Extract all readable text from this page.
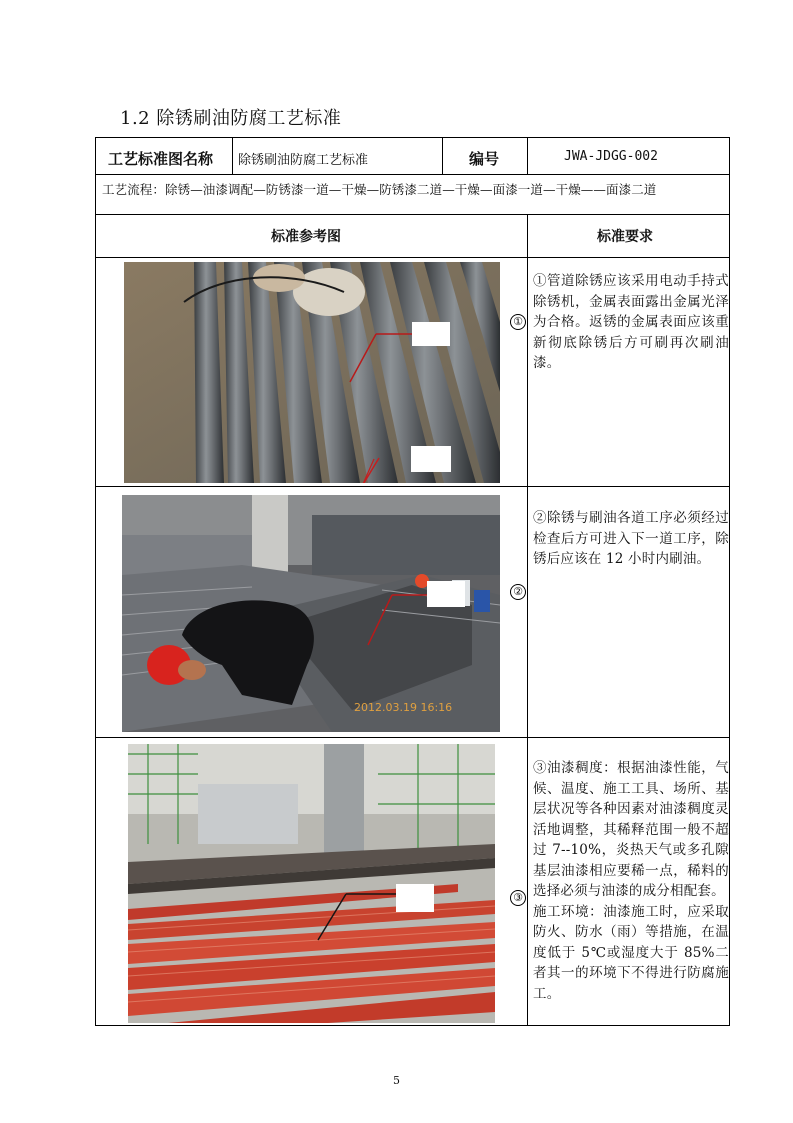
1.2 除锈刷油防腐工艺标准
工艺标准图名称 除锈刷油防腐工艺标准	编号	JWA-JDGG-002
工艺流程：除锈—油漆调配—防锈漆一道—干燥—防锈漆二道—干燥—面漆一道—干燥——面漆二道
标准参考图	标准要求
①

①管道除锈应该采用电动手持式除锈机，金属表面露出金属光泽为合格。返锈的金属表面应该重新彻底除锈后方可刷再次刷油漆。

2012.03.19 16:16
②

②除锈与刷油各道工序必须经过检查后方可进入下一道工序，除锈后应该在 12 小时内刷油。

③

③油漆稠度：根据油漆性能，气候、温度、施工工具、场所、基层状况等各种因素对油漆稠度灵活地调整，其稀释范围一般不超过 7--10%，炎热天气或多孔隙基层油漆相应要稀一点，稀料的选择必须与油漆的成分相配套。

施工环境：油漆施工时，应采取防火、防水（雨）等措施，在温度低于 5℃或湿度大于 85%二者其一的环境下不得进行防腐施工。

5
